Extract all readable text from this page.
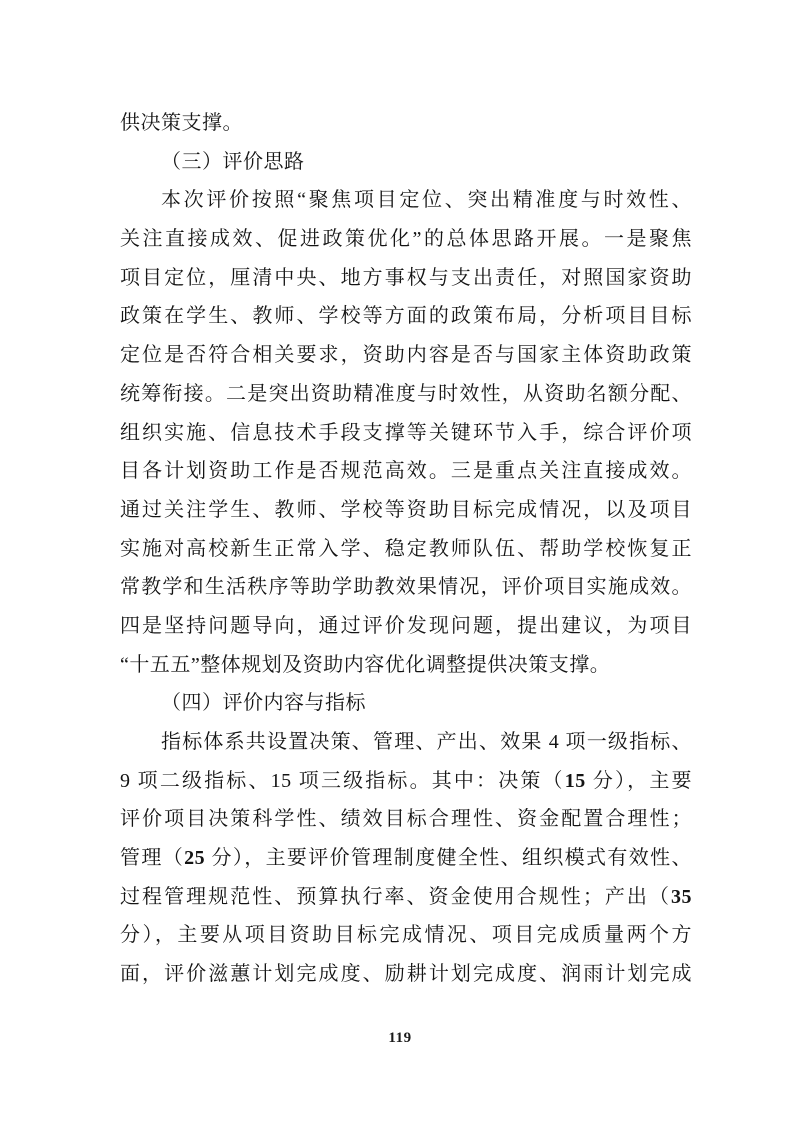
供决策支撑。
（三）评价思路
本次评价按照“聚焦项目定位、突出精准度与时效性、
关注直接成效、促进政策优化”的总体思路开展。一是聚焦
项目定位，厘清中央、地方事权与支出责任，对照国家资助
政策在学生、教师、学校等方面的政策布局，分析项目目标
定位是否符合相关要求，资助内容是否与国家主体资助政策
统筹衔接。二是突出资助精准度与时效性，从资助名额分配、
组织实施、信息技术手段支撑等关键环节入手，综合评价项
目各计划资助工作是否规范高效。三是重点关注直接成效。
通过关注学生、教师、学校等资助目标完成情况，以及项目
实施对高校新生正常入学、稳定教师队伍、帮助学校恢复正
常教学和生活秩序等助学助教效果情况，评价项目实施成效。
四是坚持问题导向，通过评价发现问题，提出建议，为项目
“十五五”整体规划及资助内容优化调整提供决策支撑。
（四）评价内容与指标
指标体系共设置决策、管理、产出、效果 4 项一级指标、
9 项二级指标、15 项三级指标。其中：决策（15 分），主要
评价项目决策科学性、绩效目标合理性、资金配置合理性；
管理（25 分），主要评价管理制度健全性、组织模式有效性、
过程管理规范性、预算执行率、资金使用合规性；产出（35
分），主要从项目资助目标完成情况、项目完成质量两个方
面，评价滋蕙计划完成度、励耕计划完成度、润雨计划完成
119
